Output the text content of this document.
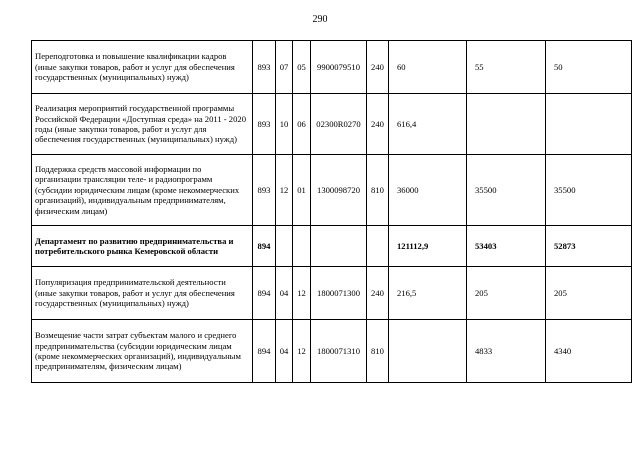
290
Переподготовка и повышение квалификации кадров (иные закупки товаров, работ и услуг для обеспечения государственных (муниципальных) нужд)	893	07	05	9900079510	240	60	55	50
Реализация мероприятий государственной программы Российской Федерации «Доступная среда» на 2011 - 2020 годы (иные закупки товаров, работ и услуг для обеспечения государственных (муниципальных) нужд)	893	10	06	02300R0270	240	616,4		
Поддержка средств массовой информации по организации трансляции теле- и радиопрограмм (субсидии юридическим лицам (кроме некоммерческих организаций), индивидуальным предпринимателям, физическим лицам)	893	12	01	1300098720	810	36000	35500	35500
Департамент по развитию предпринимательства и потребительского рынка Кемеровской области	894					121112,9	53403	52873
Популяризация предпринимательской деятельности (иные закупки товаров, работ и услуг для обеспечения государственных (муниципальных) нужд)	894	04	12	1800071300	240	216,5	205	205
Возмещение части затрат субъектам малого и среднего предпринимательства (субсидии юридическим лицам (кроме некоммерческих организаций), индивидуальным предпринимателям, физическим лицам)	894	04	12	1800071310	810		4833	4340
